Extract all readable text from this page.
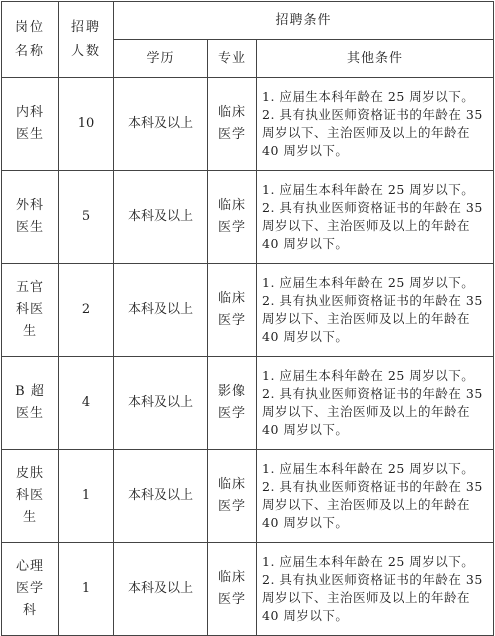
岗位 名称	招聘 人数	招聘条件		
		学历	专业	其他条件
内科医生	10	本科及以上	临床医学	1. 应届生本科年龄在 25 周岁以下。
2. 具有执业医师资格证书的年龄在 35 周岁以下、主治医师及以上的年龄在 40 周岁以下。

外科医生	5	本科及以上	临床医学	1. 应届生本科年龄在 25 周岁以下。
2. 具有执业医师资格证书的年龄在 35 周岁以下、主治医师及以上的年龄在 40 周岁以下。

五官科医生	2	本科及以上	临床医学	1. 应届生本科年龄在 25 周岁以下。
2. 具有执业医师资格证书的年龄在 35 周岁以下、主治医师及以上的年龄在 40 周岁以下。

B 超医生	4	本科及以上	影像医学	1. 应届生本科年龄在 25 周岁以下。
2. 具有执业医师资格证书的年龄在 35 周岁以下、主治医师及以上的年龄在 40 周岁以下。

皮肤科医生	1	本科及以上	临床医学	1. 应届生本科年龄在 25 周岁以下。
2. 具有执业医师资格证书的年龄在 35 周岁以下、主治医师及以上的年龄在 40 周岁以下。

心理医学科	1	本科及以上	临床医学	1. 应届生本科年龄在 25 周岁以下。
2. 具有执业医师资格证书的年龄在 35 周岁以下、主治医师及以上的年龄在 40 周岁以下。
